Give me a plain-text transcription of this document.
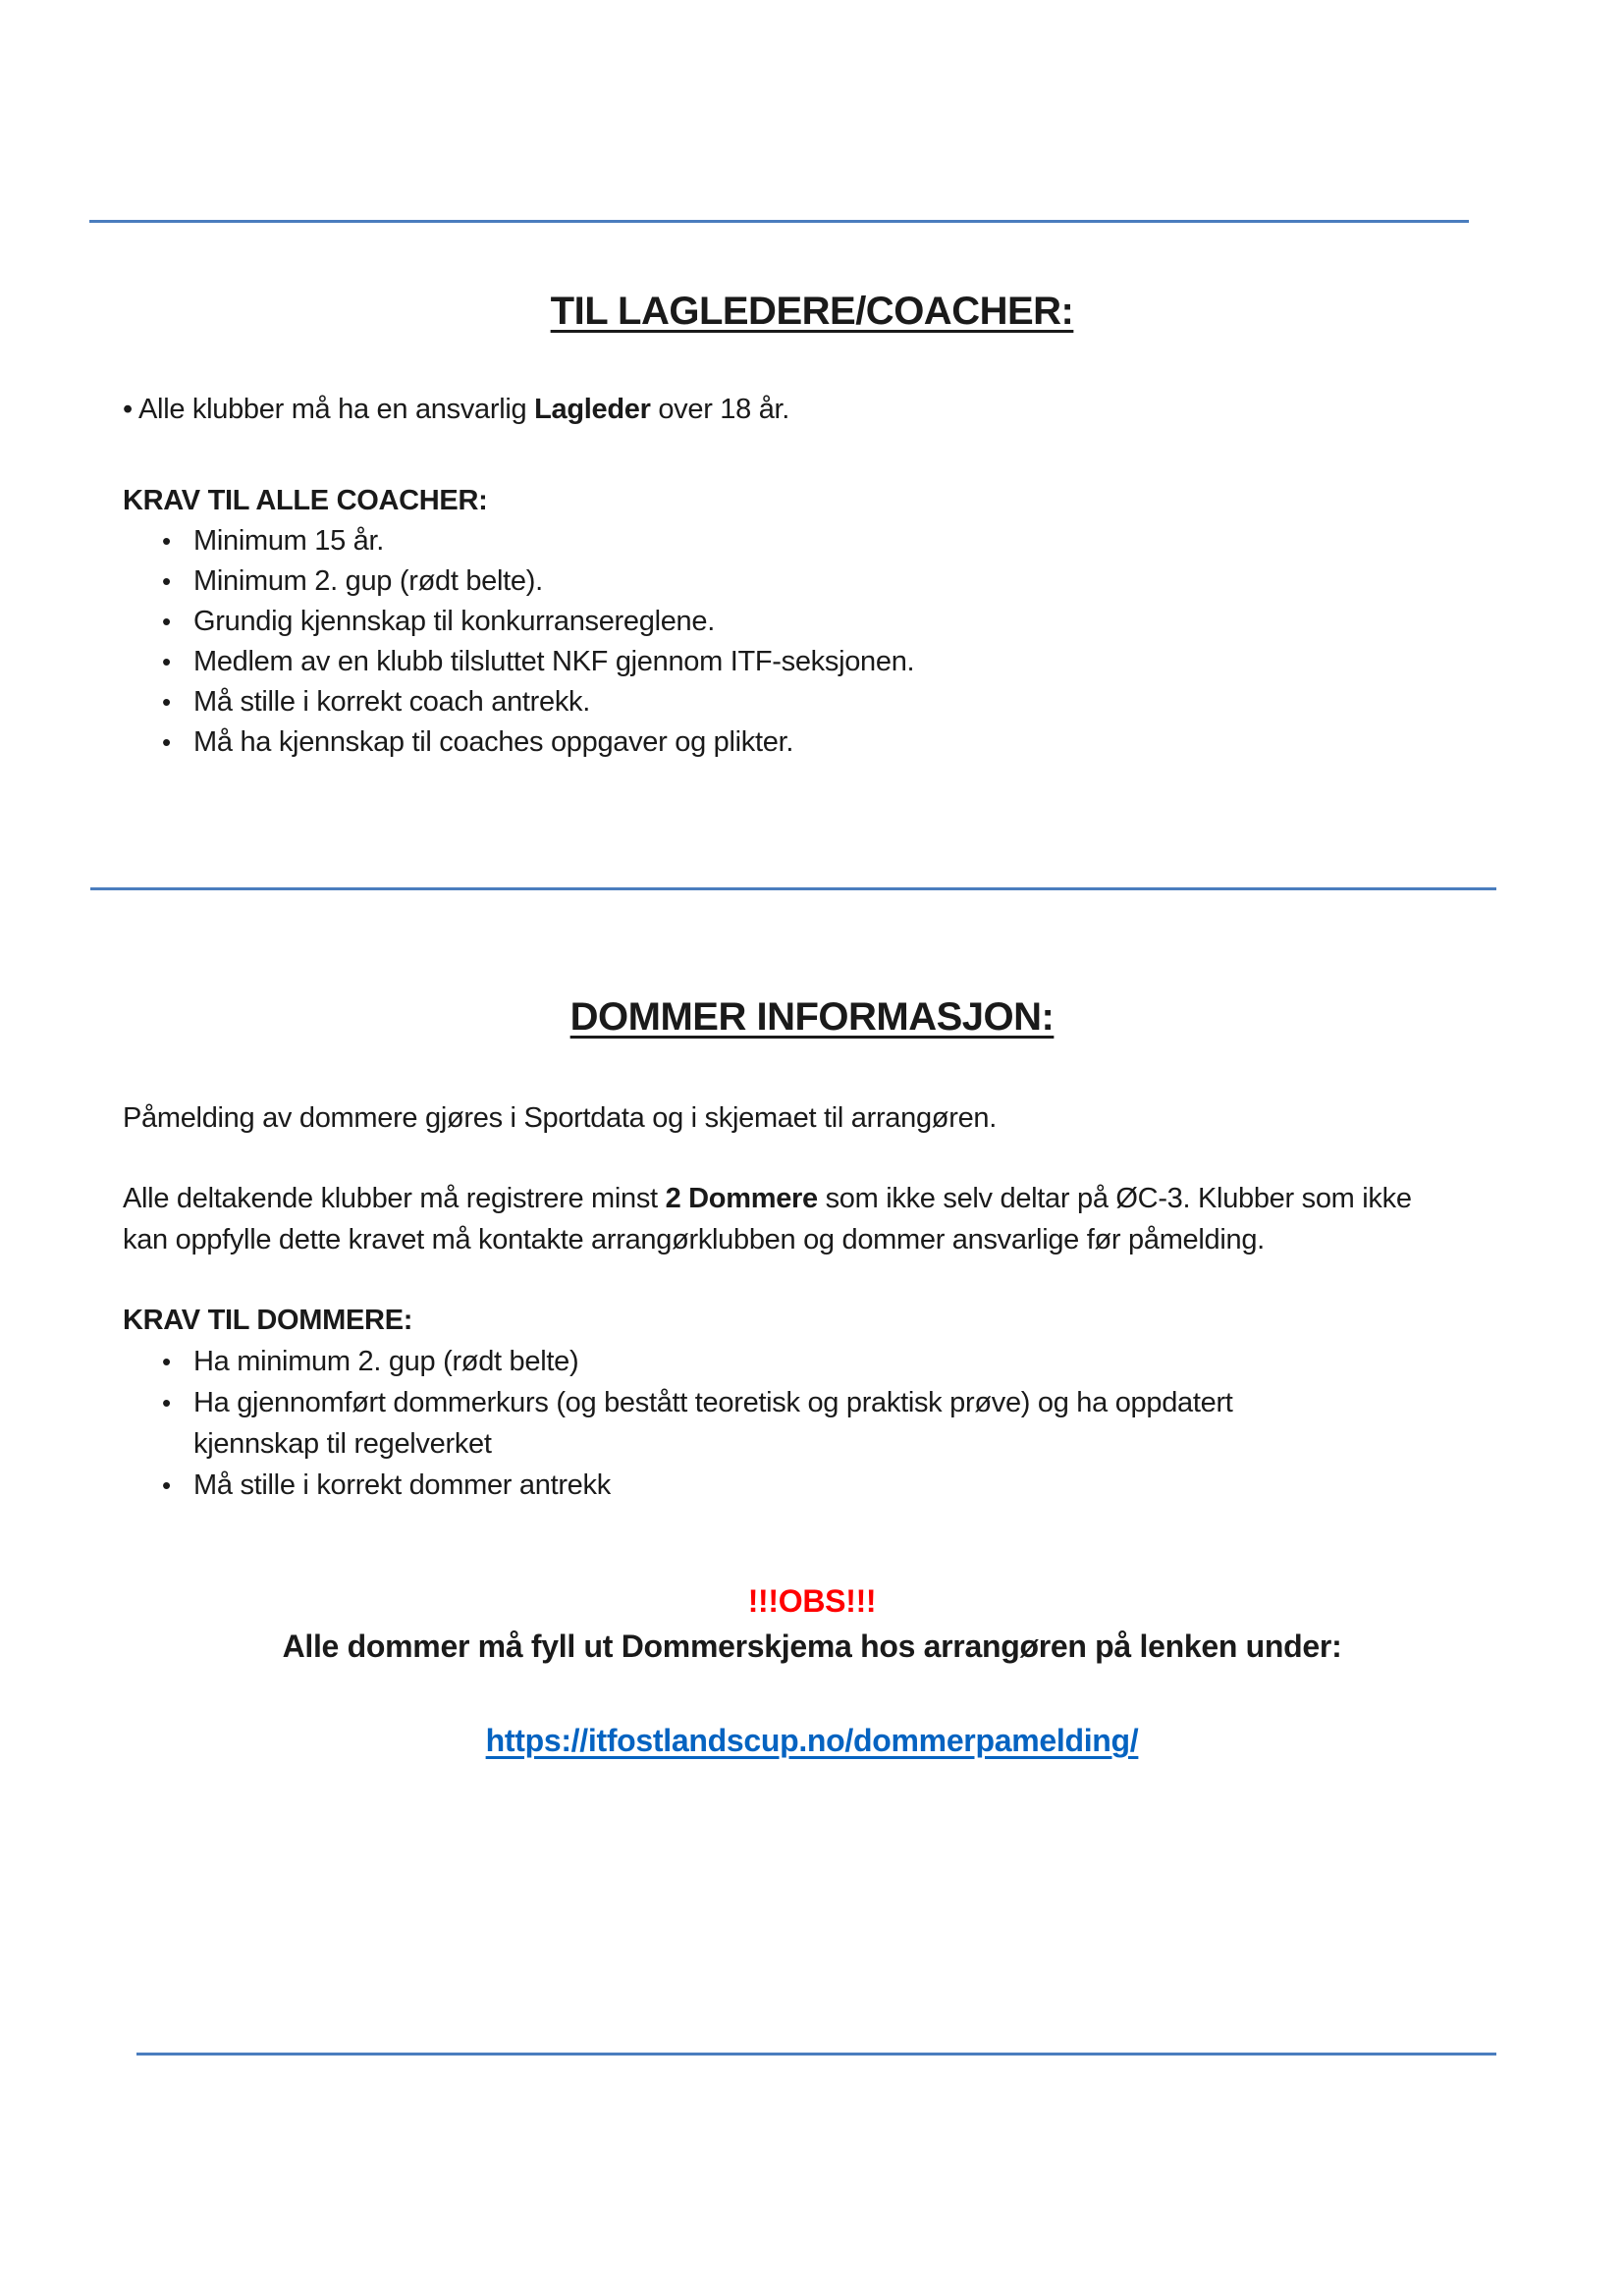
TIL LAGLEDERE/COACHER:
• Alle klubber må ha en ansvarlig Lagleder over 18 år.
KRAV TIL ALLE COACHER:
• Minimum 15 år.
• Minimum 2. gup (rødt belte).
• Grundig kjennskap til konkurransereglene.
• Medlem av en klubb tilsluttet NKF gjennom ITF-seksjonen.
• Må stille i korrekt coach antrekk.
• Må ha kjennskap til coaches oppgaver og plikter.
DOMMER INFORMASJON:
Påmelding av dommere gjøres i Sportdata og i skjemaet til arrangøren.
Alle deltakende klubber må registrere minst 2 Dommere som ikke selv deltar på ØC-3. Klubber som ikke kan oppfylle dette kravet må kontakte arrangørklubben og dommer ansvarlige før påmelding.
KRAV TIL DOMMERE:
• Ha minimum 2. gup (rødt belte)
• Ha gjennomført dommerkurs (og bestått teoretisk og praktisk prøve) og ha oppdatert
kjennskap til regelverket
• Må stille i korrekt dommer antrekk
!!!OBS!!!
Alle dommer må fyll ut Dommerskjema hos arrangøren på lenken under:
https://itfostlandscup.no/dommerpamelding/
